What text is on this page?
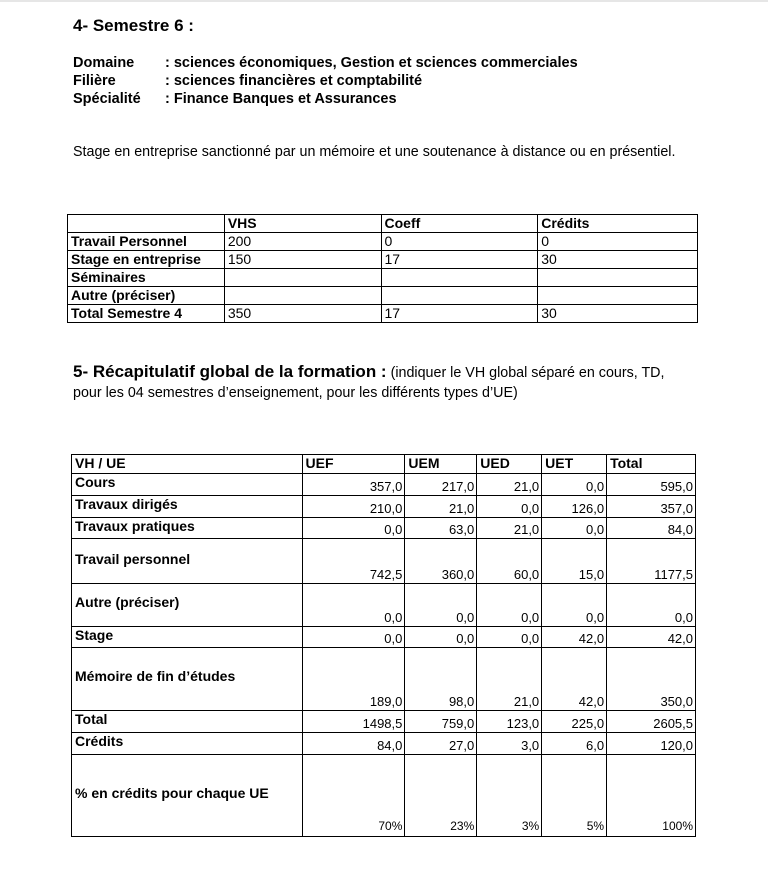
4- Semestre 6 :
Domaine	: sciences économiques, Gestion et sciences commerciales
Filière	: sciences financières et comptabilité
Spécialité	: Finance Banques et Assurances
Stage en entreprise sanctionné par un mémoire et une soutenance à distance ou en présentiel.
	VHS	Coeff	Crédits
Travail Personnel	200	0	0
Stage en entreprise	150	17	30
Séminaires			
Autre (préciser)			
Total Semestre 4	350	17	30
5- Récapitulatif global de la formation : (indiquer le VH global séparé en cours, TD, pour les 04 semestres d’enseignement, pour les différents types d’UE)
VH / UE	UEF	UEM	UED	UET	Total
Cours	357,0	217,0	21,0	0,0	595,0
Travaux dirigés	210,0	21,0	0,0	126,0	357,0
Travaux pratiques	0,0	63,0	21,0	0,0	84,0
Travail personnel	742,5	360,0	60,0	15,0	1177,5
Autre (préciser)	0,0	0,0	0,0	0,0	0,0
Stage	0,0	0,0	0,0	42,0	42,0
Mémoire de fin d’études	189,0	98,0	21,0	42,0	350,0
Total	1498,5	759,0	123,0	225,0	2605,5
Crédits	84,0	27,0	3,0	6,0	120,0
% en crédits pour chaque UE	70%	23%	3%	5%	100%
